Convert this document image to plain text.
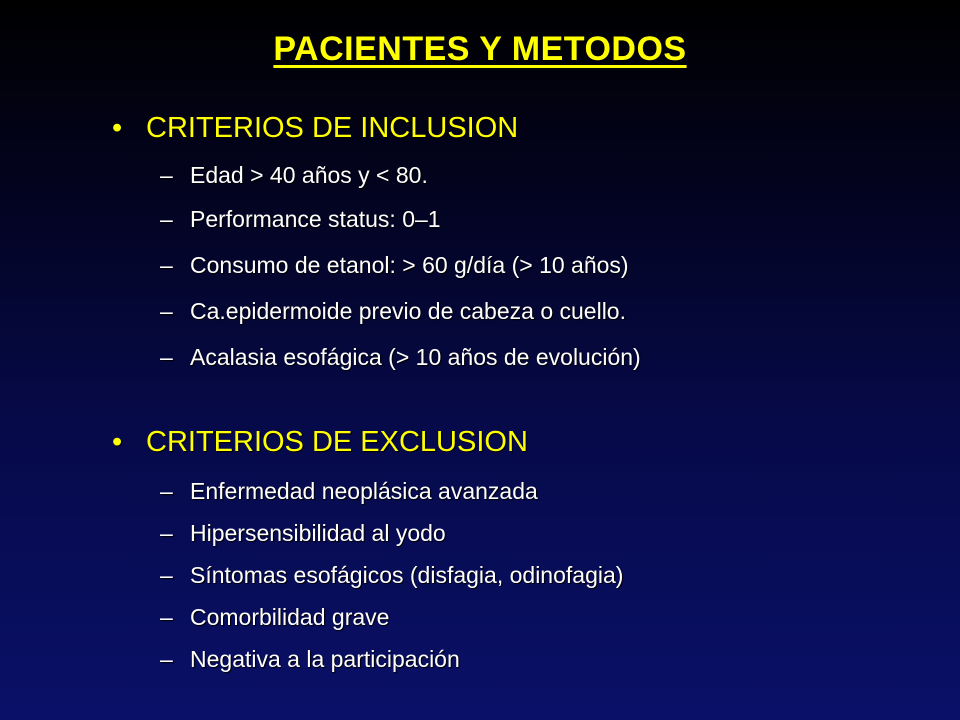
PACIENTES Y METODOS
• CRITERIOS DE INCLUSION
– Edad > 40 años y < 80.
– Performance status: 0–1
– Consumo de etanol: > 60 g/día (> 10 años)
– Ca.epidermoide previo de cabeza o cuello.
– Acalasia esofágica (> 10 años de evolución)
• CRITERIOS DE EXCLUSION
– Enfermedad neoplásica avanzada
– Hipersensibilidad al yodo
– Síntomas esofágicos (disfagia, odinofagia)
– Comorbilidad grave
– Negativa a la participación
